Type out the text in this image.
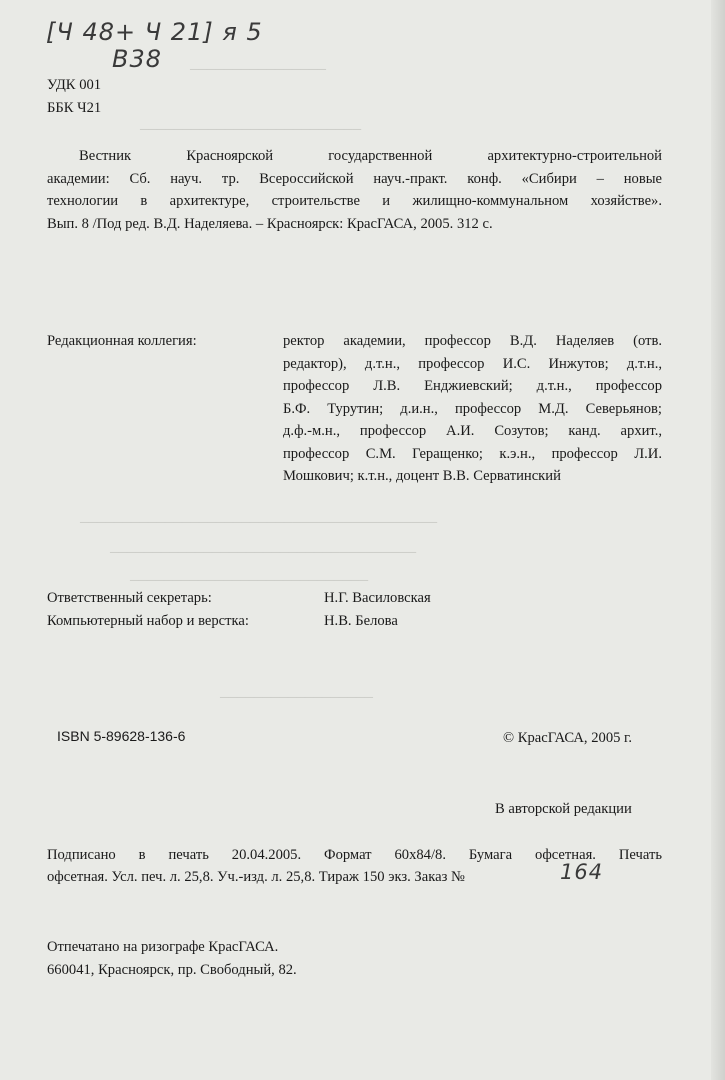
────────────────
──────────────────────────
──────────────────────────────────────────
────────────────────────────────────
────────────────────────────
──────────────────
[Ч 48+ Ч 21] я 5
В38
УДК 001
ББК Ч21
Вестник Красноярской государственной архитектурно-строительной
академии: Сб. науч. тр. Всероссийской науч.-практ. конф. «Сибири – новые
технологии в архитектуре, строительстве и жилищно-коммунальном хозяйстве».
Вып. 8 /Под ред. В.Д. Наделяева. – Красноярск: КрасГАСА, 2005. 312 с.
Редакционная коллегия:	ректор академии, профессор В.Д. Наделяев (отв.
редактор), д.т.н., профессор И.С. Инжутов; д.т.н.,
профессор Л.В. Енджиевский; д.т.н., профессор
Б.Ф. Турутин; д.и.н., профессор М.Д. Северьянов;
д.ф.-м.н., профессор А.И. Созутов; канд. архит.,
профессор С.М. Геращенко; к.э.н., профессор Л.И.
Мошкович; к.т.н., доцент В.В. Серватинский
Ответственный секретарь:	Н.Г. Василовская
Компьютерный набор и верстка:	Н.В. Белова
ISBN 5-89628-136-6	© КрасГАСА, 2005 г.
В авторской редакции
Подписано в печать 20.04.2005. Формат 60х84/8. Бумага офсетная. Печать
офсетная. Усл. печ. л. 25,8. Уч.-изд. л. 25,8. Тираж 150 экз. Заказ №	164
Отпечатано на ризографе КрасГАСА.
660041, Красноярск, пр. Свободный, 82.
